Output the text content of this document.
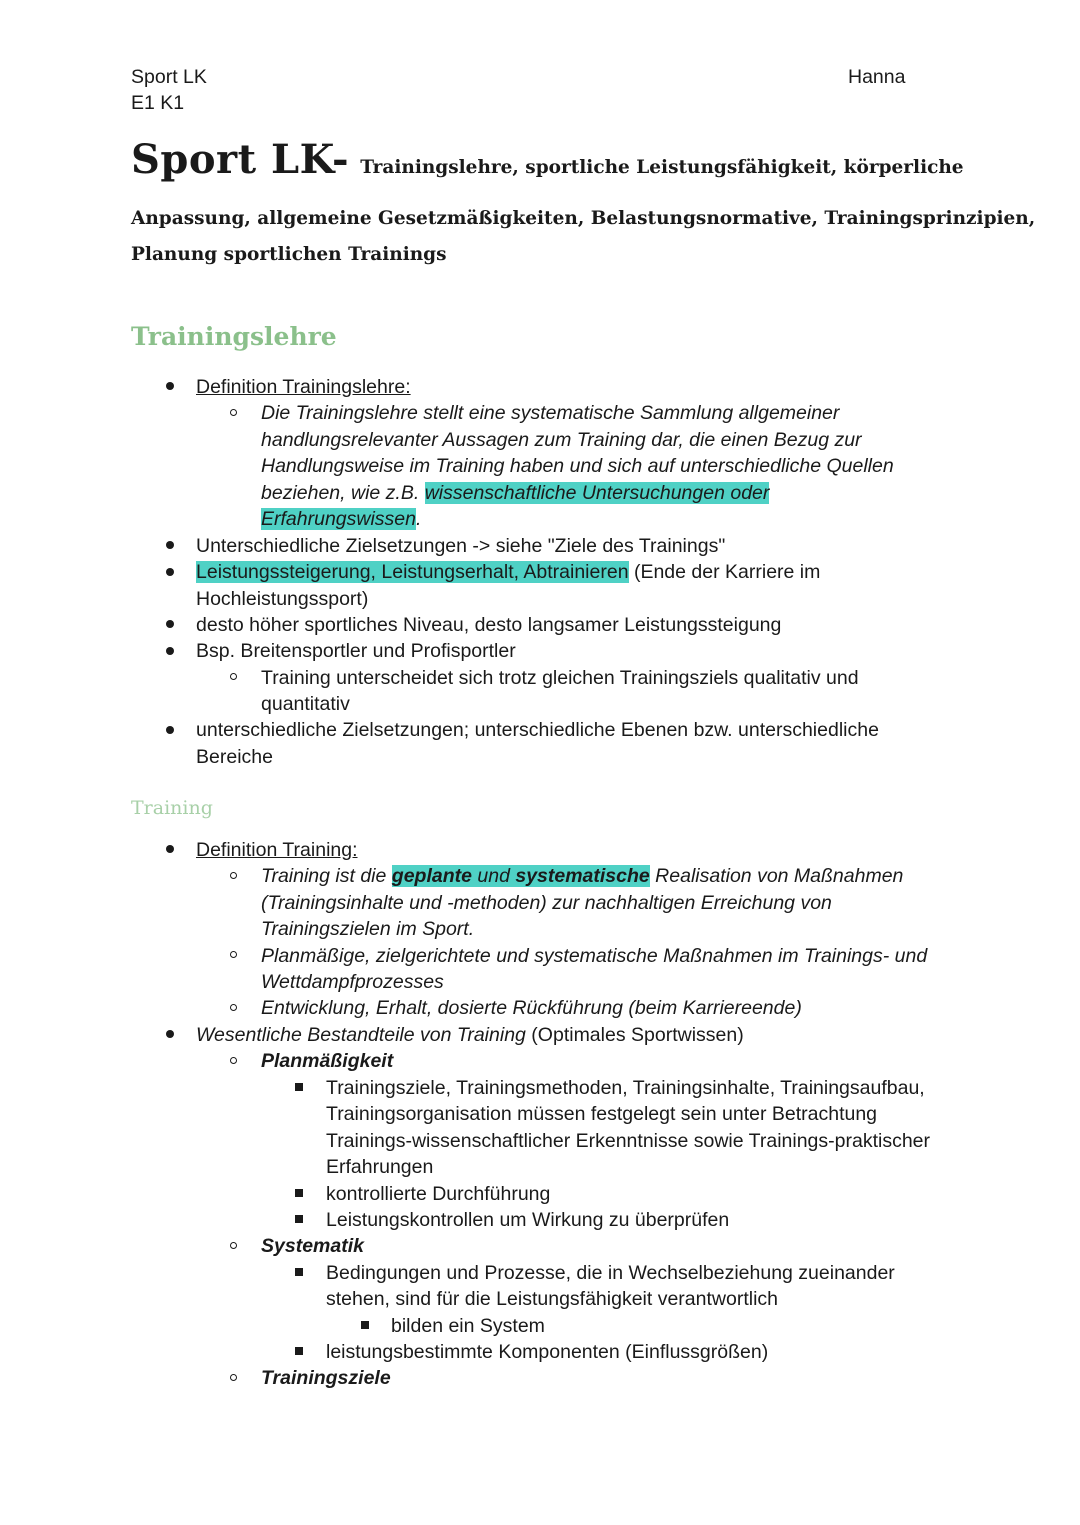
Sport LK
E1 K1
Hanna
Sport LK- Trainingslehre, sportliche Leistungsfähigkeit, körperliche
Anpassung, allgemeine Gesetzmäßigkeiten, Belastungsnormative, Trainingsprinzipien,
Planung sportlichen Trainings
Trainingslehre
Definition Trainingslehre:
Die Trainingslehre stellt eine systematische Sammlung allgemeiner
handlungsrelevanter Aussagen zum Training dar, die einen Bezug zur
Handlungsweise im Training haben und sich auf unterschiedliche Quellen
beziehen, wie z.B. wissenschaftliche Untersuchungen oder
Erfahrungswissen.
Unterschiedliche Zielsetzungen -> siehe "Ziele des Trainings"
Leistungssteigerung, Leistungserhalt, Abtrainieren (Ende der Karriere im
Hochleistungssport)
desto höher sportliches Niveau, desto langsamer Leistungssteigung
Bsp. Breitensportler und Profisportler
Training unterscheidet sich trotz gleichen Trainingsziels qualitativ und
quantitativ
unterschiedliche Zielsetzungen; unterschiedliche Ebenen bzw. unterschiedliche
Bereiche
Training
Definition Training:
Training ist die geplante und systematische Realisation von Maßnahmen
(Trainingsinhalte und -methoden) zur nachhaltigen Erreichung von
Trainingszielen im Sport.
Planmäßige, zielgerichtete und systematische Maßnahmen im Trainings- und
Wettdampfprozesses
Entwicklung, Erhalt, dosierte Rückführung (beim Karriereende)
Wesentliche Bestandteile von Training (Optimales Sportwissen)
Planmäßigkeit
Trainingsziele, Trainingsmethoden, Trainingsinhalte, Trainingsaufbau,
Trainingsorganisation müssen festgelegt sein unter Betrachtung
Trainings-wissenschaftlicher Erkenntnisse sowie Trainings-praktischer
Erfahrungen
kontrollierte Durchführung
Leistungskontrollen um Wirkung zu überprüfen
Systematik
Bedingungen und Prozesse, die in Wechselbeziehung zueinander
stehen, sind für die Leistungsfähigkeit verantwortlich
bilden ein System
leistungsbestimmte Komponenten (Einflussgrößen)
Trainingsziele
